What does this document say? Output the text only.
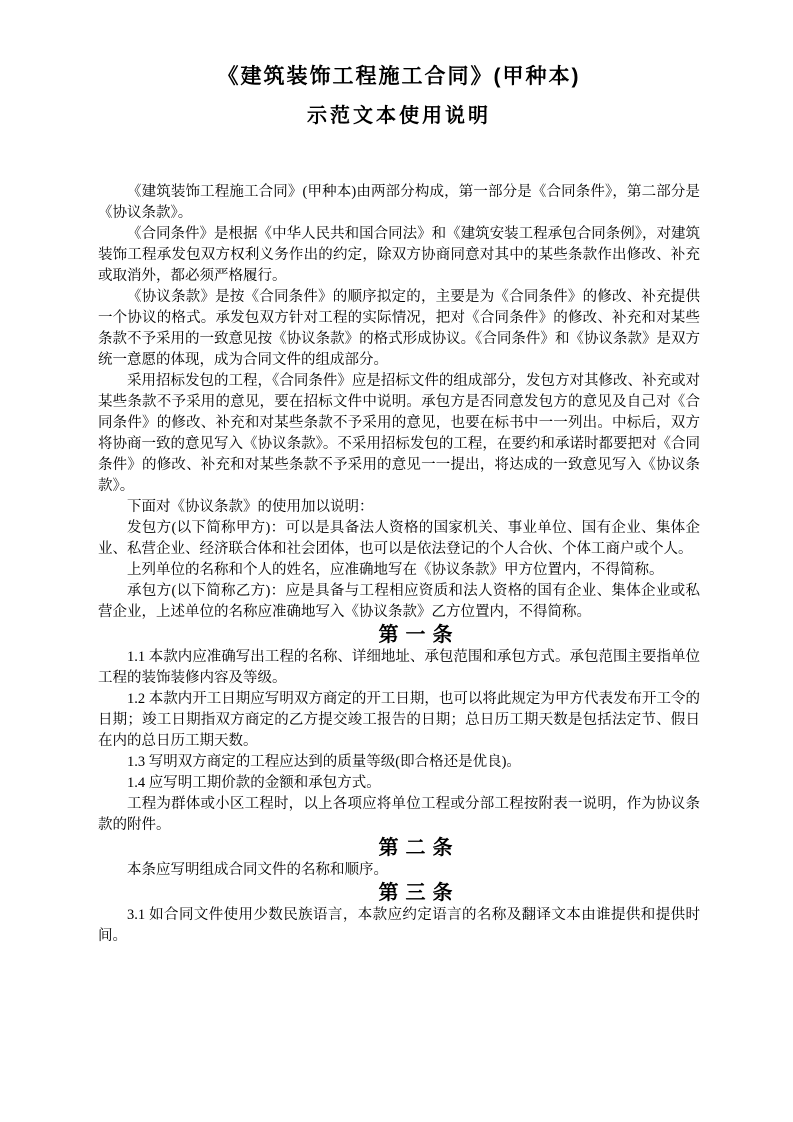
《建筑装饰工程施工合同》(甲种本)
示范文本使用说明

《建筑装饰工程施工合同》(甲种本)由两部分构成，第一部分是《合同条件》，第二部分是《协议条款》。

《合同条件》是根据《中华人民共和国合同法》和《建筑安装工程承包合同条例》，对建筑装饰工程承发包双方权利义务作出的约定，除双方协商同意对其中的某些条款作出修改、补充或取消外，都必须严格履行。

《协议条款》是按《合同条件》的顺序拟定的，主要是为《合同条件》的修改、补充提供一个协议的格式。承发包双方针对工程的实际情况，把对《合同条件》的修改、补充和对某些条款不予采用的一致意见按《协议条款》的格式形成协议。《合同条件》和《协议条款》是双方统一意愿的体现，成为合同文件的组成部分。

采用招标发包的工程，《合同条件》应是招标文件的组成部分，发包方对其修改、补充或对某些条款不予采用的意见，要在招标文件中说明。承包方是否同意发包方的意见及自己对《合同条件》的修改、补充和对某些条款不予采用的意见，也要在标书中一一列出。中标后，双方将协商一致的意见写入《协议条款》。不采用招标发包的工程，在要约和承诺时都要把对《合同条件》的修改、补充和对某些条款不予采用的意见一一提出，将达成的一致意见写入《协议条款》。

下面对《协议条款》的使用加以说明：

发包方(以下简称甲方)：可以是具备法人资格的国家机关、事业单位、国有企业、集体企业、私营企业、经济联合体和社会团体，也可以是依法登记的个人合伙、个体工商户或个人。

上列单位的名称和个人的姓名，应准确地写在《协议条款》甲方位置内，不得简称。

承包方(以下简称乙方)：应是具备与工程相应资质和法人资格的国有企业、集体企业或私营企业，上述单位的名称应准确地写入《协议条款》乙方位置内，不得简称。

第一条

1.1 本款内应准确写出工程的名称、详细地址、承包范围和承包方式。承包范围主要指单位工程的装饰装修内容及等级。

1.2 本款内开工日期应写明双方商定的开工日期，也可以将此规定为甲方代表发布开工令的日期；竣工日期指双方商定的乙方提交竣工报告的日期；总日历工期天数是包括法定节、假日在内的总日历工期天数。

1.3 写明双方商定的工程应达到的质量等级(即合格还是优良)。

1.4 应写明工期价款的金额和承包方式。

工程为群体或小区工程时，以上各项应将单位工程或分部工程按附表一说明，作为协议条款的附件。

第二条

本条应写明组成合同文件的名称和顺序。

第三条

3.1 如合同文件使用少数民族语言，本款应约定语言的名称及翻译文本由谁提供和提供时间。
